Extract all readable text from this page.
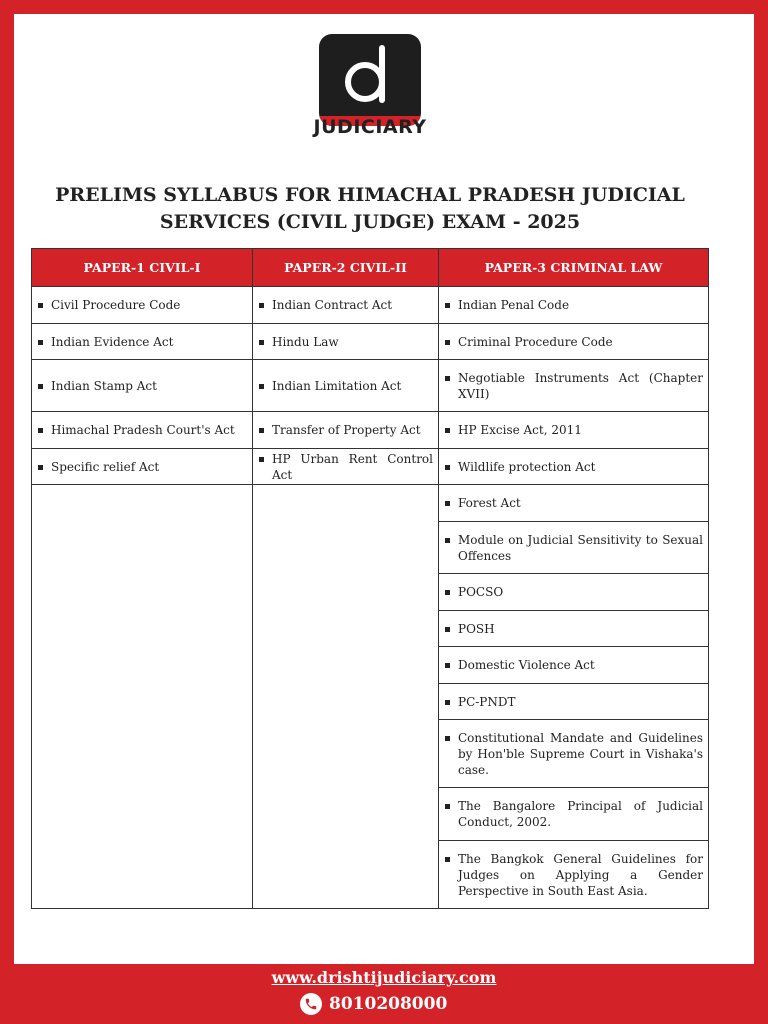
JUDICIARY
PRELIMS SYLLABUS FOR HIMACHAL PRADESH JUDICIAL
SERVICES (CIVIL JUDGE) EXAM - 2025
PAPER-1 CIVIL-I	PAPER-2 CIVIL-II	PAPER-3 CRIMINAL LAW

Civil Procedure Code	Indian Contract Act	Indian Penal Code

Indian Evidence Act	Hindu Law	Criminal Procedure Code

Indian Stamp Act	Indian Limitation Act	Negotiable Instruments Act (Chapter XVII)

Himachal Pradesh Court's Act	Transfer of Property Act	HP Excise Act, 2011

Specific relief Act	HP Urban Rent Control Act	Wildlife protection Act

		Forest Act

		Module on Judicial Sensitivity to Sexual Offences

		POCSO

		POSH

		Domestic Violence Act

		PC-PNDT

		Constitutional Mandate and Guidelines by Hon'ble Supreme Court in Vishaka's case.

		The Bangalore Principal of Judicial Conduct, 2002.

		The Bangkok General Guidelines for Judges on Applying a Gender Perspective in South East Asia.
www.drishtijudiciary.com
8010208000
